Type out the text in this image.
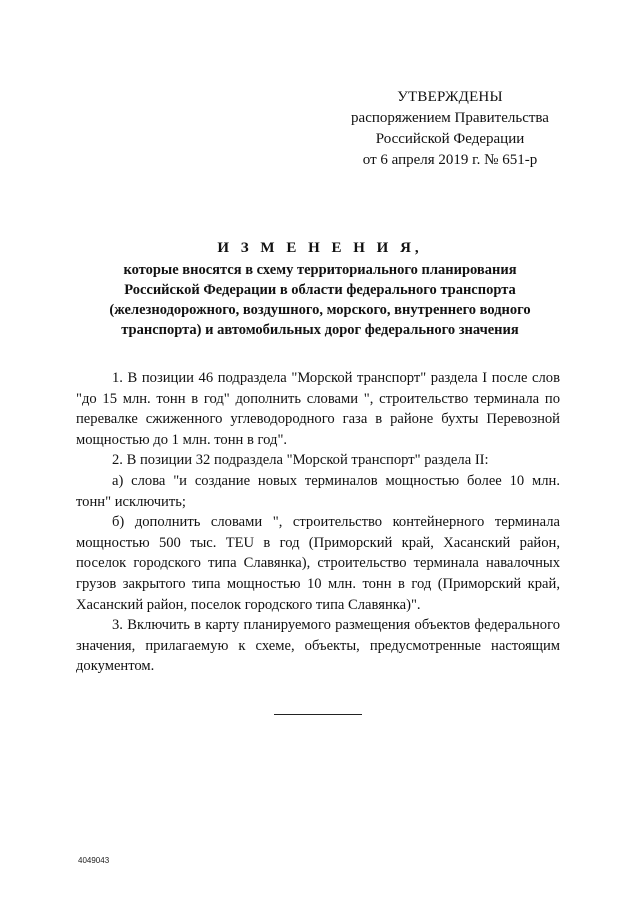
УТВЕРЖДЕНЫ
распоряжением Правительства
Российской Федерации
от 6 апреля 2019 г. № 651-р
И З М Е Н Е Н И Я,
которые вносятся в схему территориального планирования
Российской Федерации в области федерального транспорта
(железнодорожного, воздушного, морского, внутреннего водного
транспорта) и автомобильных дорог федерального значения

1. В позиции 46 подраздела "Морской транспорт" раздела I после слов "до 15 млн. тонн в год" дополнить словами ", строительство терминала по перевалке сжиженного углеводородного газа в районе бухты Перевозной мощностью до 1 млн. тонн в год".

2. В позиции 32 подраздела "Морской транспорт" раздела II:

а) слова "и создание новых терминалов мощностью более 10 млн. тонн" исключить;

б) дополнить словами ", строительство контейнерного терминала мощностью 500 тыс. TEU в год (Приморский край, Хасанский район, поселок городского типа Славянка), строительство терминала навалочных грузов закрытого типа мощностью 10 млн. тонн в год (Приморский край, Хасанский район, поселок городского типа Славянка)".

3. Включить в карту планируемого размещения объектов федерального значения, прилагаемую к схеме, объекты, предусмотренные настоящим документом.

4049043
